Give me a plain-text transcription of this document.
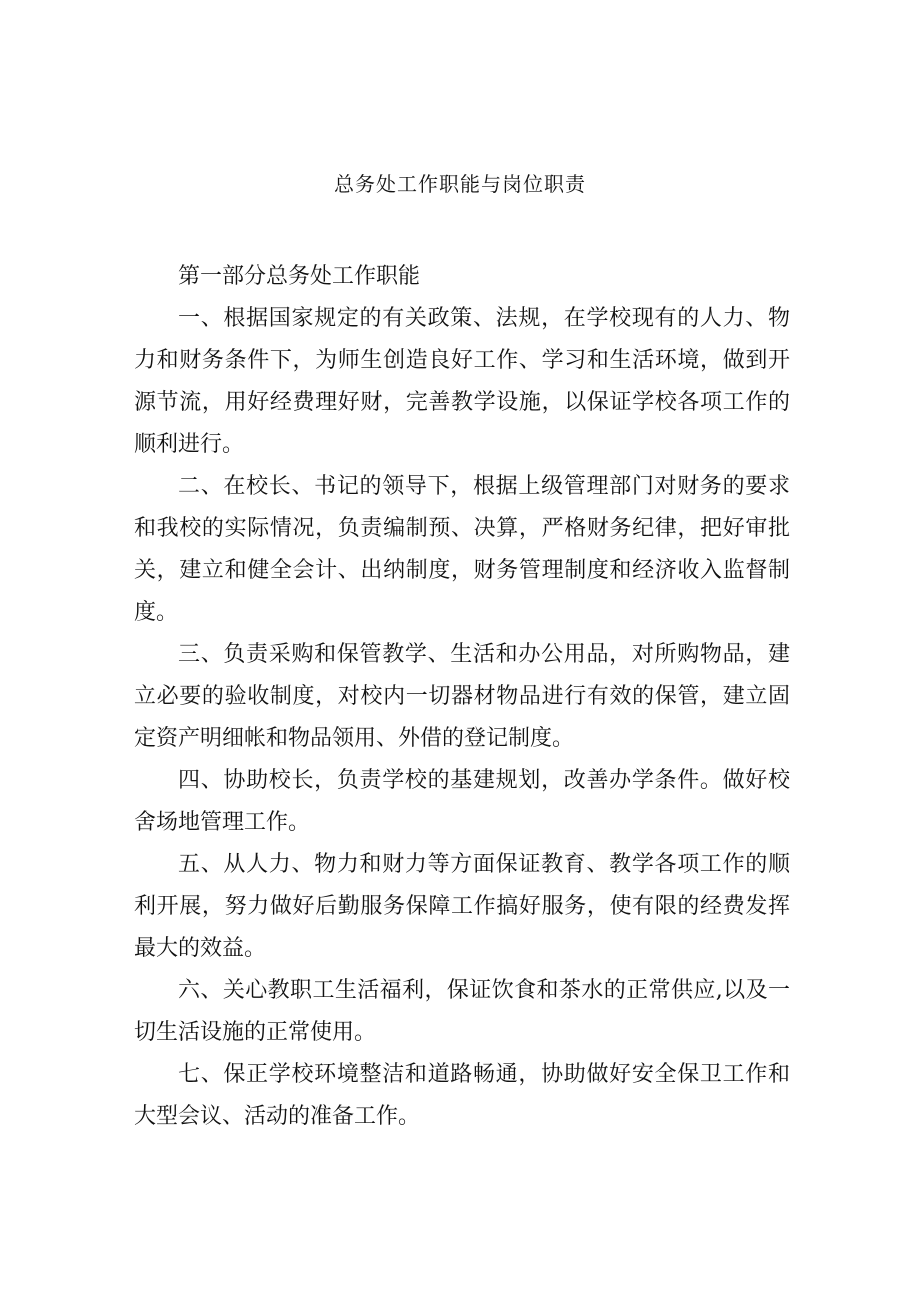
总务处工作职能与岗位职责

第一部分总务处工作职能

一、根据国家规定的有关政策、法规，在学校现有的人力、物力和财务条件下，为师生创造良好工作、学习和生活环境，做到开源节流，用好经费理好财，完善教学设施，以保证学校各项工作的顺利进行。

二、在校长、书记的领导下，根据上级管理部门对财务的要求和我校的实际情况，负责编制预、决算，严格财务纪律，把好审批关，建立和健全会计、出纳制度，财务管理制度和经济收入监督制度。

三、负责采购和保管教学、生活和办公用品，对所购物品，建立必要的验收制度，对校内一切器材物品进行有效的保管，建立固定资产明细帐和物品领用、外借的登记制度。

四、协助校长，负责学校的基建规划，改善办学条件。做好校舍场地管理工作。

五、从人力、物力和财力等方面保证教育、教学各项工作的顺利开展，努力做好后勤服务保障工作搞好服务，使有限的经费发挥最大的效益。

六、关心教职工生活福利，保证饮食和茶水的正常供应,以及一切生活设施的正常使用。

七、保正学校环境整洁和道路畅通，协助做好安全保卫工作和大型会议、活动的准备工作。
